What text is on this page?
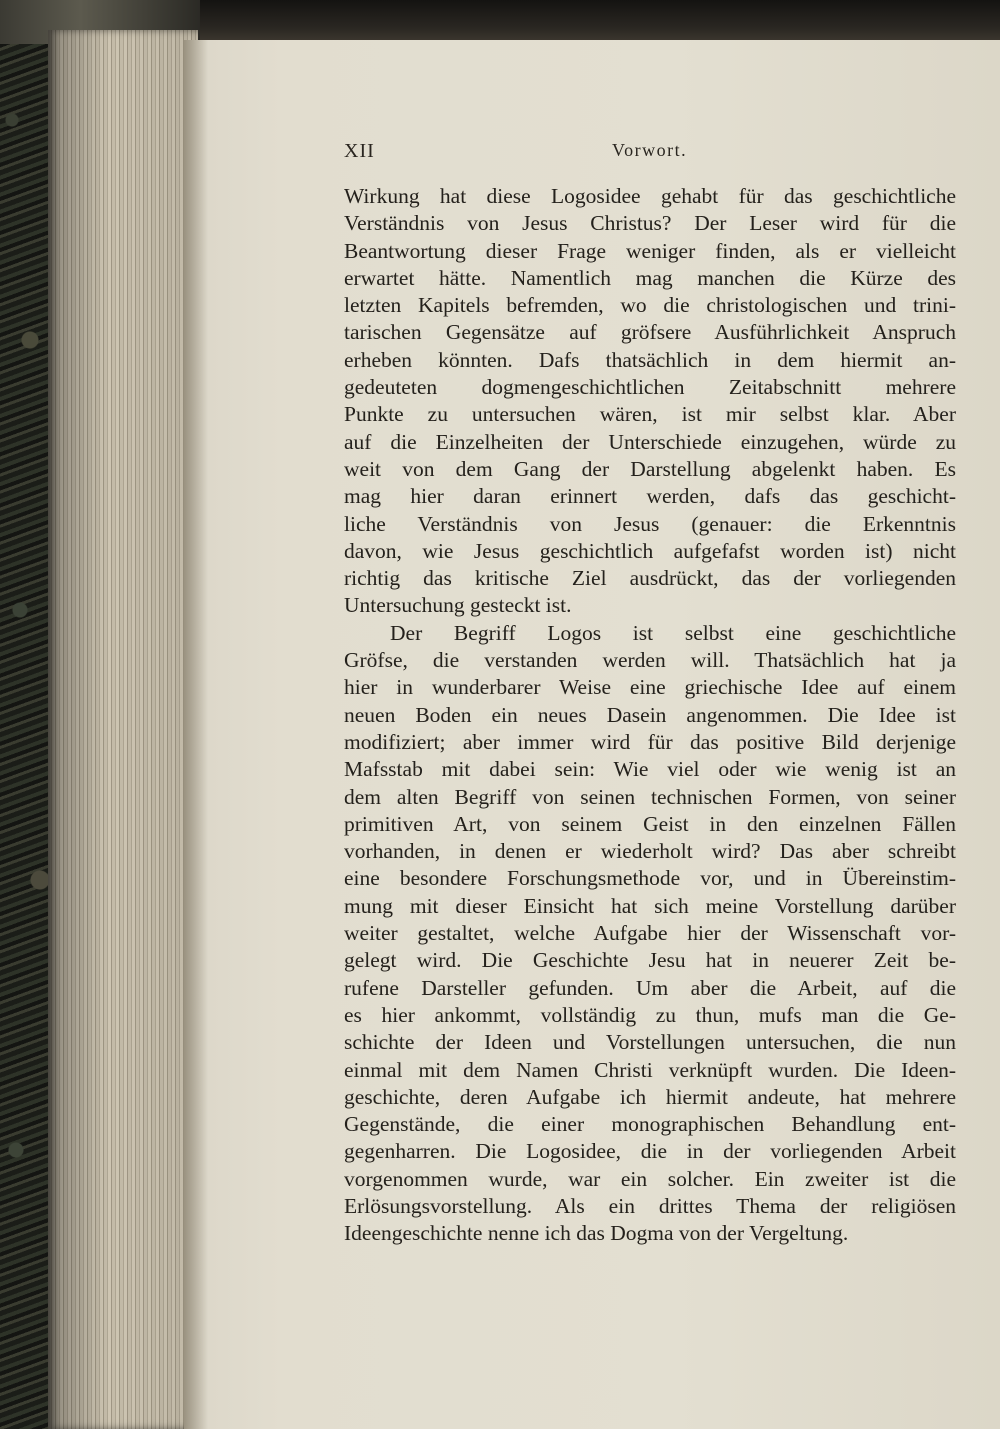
XII	Vorwort.
Wirkung hat diese Logosidee gehabt für das geschichtliche
Verständnis von Jesus Christus? Der Leser wird für die
Beantwortung dieser Frage weniger finden, als er vielleicht
erwartet hätte. Namentlich mag manchen die Kürze des
letzten Kapitels befremden, wo die christologischen und trini-
tarischen Gegensätze auf gröfsere Ausführlichkeit Anspruch
erheben könnten. Dafs thatsächlich in dem hiermit an-
gedeuteten dogmengeschichtlichen Zeitabschnitt mehrere
Punkte zu untersuchen wären, ist mir selbst klar. Aber
auf die Einzelheiten der Unterschiede einzugehen, würde zu
weit von dem Gang der Darstellung abgelenkt haben. Es
mag hier daran erinnert werden, dafs das geschicht-
liche Verständnis von Jesus (genauer: die Erkenntnis
davon, wie Jesus geschichtlich aufgefafst worden ist) nicht
richtig das kritische Ziel ausdrückt, das der vorliegenden
Untersuchung gesteckt ist.
Der Begriff Logos ist selbst eine geschichtliche
Gröfse, die verstanden werden will. Thatsächlich hat ja
hier in wunderbarer Weise eine griechische Idee auf einem
neuen Boden ein neues Dasein angenommen. Die Idee ist
modifiziert; aber immer wird für das positive Bild derjenige
Mafsstab mit dabei sein: Wie viel oder wie wenig ist an
dem alten Begriff von seinen technischen Formen, von seiner
primitiven Art, von seinem Geist in den einzelnen Fällen
vorhanden, in denen er wiederholt wird? Das aber schreibt
eine besondere Forschungsmethode vor, und in Übereinstim-
mung mit dieser Einsicht hat sich meine Vorstellung darüber
weiter gestaltet, welche Aufgabe hier der Wissenschaft vor-
gelegt wird. Die Geschichte Jesu hat in neuerer Zeit be-
rufene Darsteller gefunden. Um aber die Arbeit, auf die
es hier ankommt, vollständig zu thun, mufs man die Ge-
schichte der Ideen und Vorstellungen untersuchen, die nun
einmal mit dem Namen Christi verknüpft wurden. Die Ideen-
geschichte, deren Aufgabe ich hiermit andeute, hat mehrere
Gegenstände, die einer monographischen Behandlung ent-
gegenharren. Die Logosidee, die in der vorliegenden Arbeit
vorgenommen wurde, war ein solcher. Ein zweiter ist die
Erlösungsvorstellung. Als ein drittes Thema der religiösen
Ideengeschichte nenne ich das Dogma von der Vergeltung.
